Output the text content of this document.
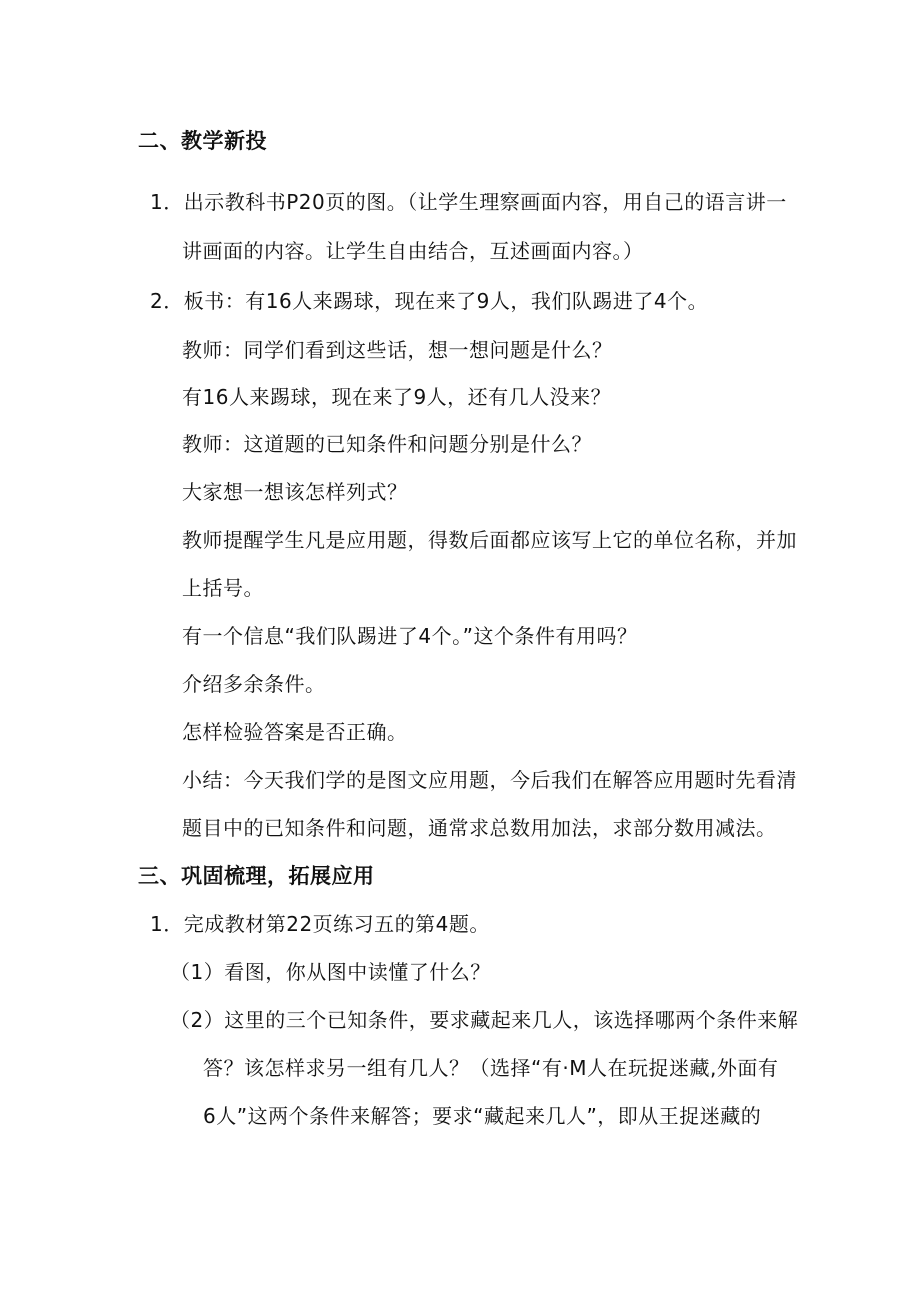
二、教学新投
1．出示教科书P20页的图。（让学生理察画面内容，用自己的语言讲一
讲画面的内容。让学生自由结合，互述画面内容。）
2．板书：有16人来踢球，现在来了9人，我们队踢进了4个。
教师：同学们看到这些话，想一想问题是什么？
有16人来踢球，现在来了9人，还有几人没来？
教师：这道题的已知条件和问题分别是什么？
大家想一想该怎样列式？
教师提醒学生凡是应用题，得数后面都应该写上它的单位名称，并加
上括号。
有一个信息“我们队踢进了4个。”这个条件有用吗？
介绍多余条件。
怎样检验答案是否正确。
小结：今天我们学的是图文应用题，今后我们在解答应用题时先看清
题目中的已知条件和问题，通常求总数用加法，求部分数用减法。
三、巩固梳理，拓展应用
1．完成教材第22页练习五的第4题。
（1）看图，你从图中读懂了什么？
（2）这里的三个已知条件，要求藏起来几人，该选择哪两个条件来解
答？该怎样求另一组有几人？（选择“有·M人在玩捉迷藏,外面有
6人”这两个条件来解答；要求“藏起来几人”，即从王捉迷藏的
